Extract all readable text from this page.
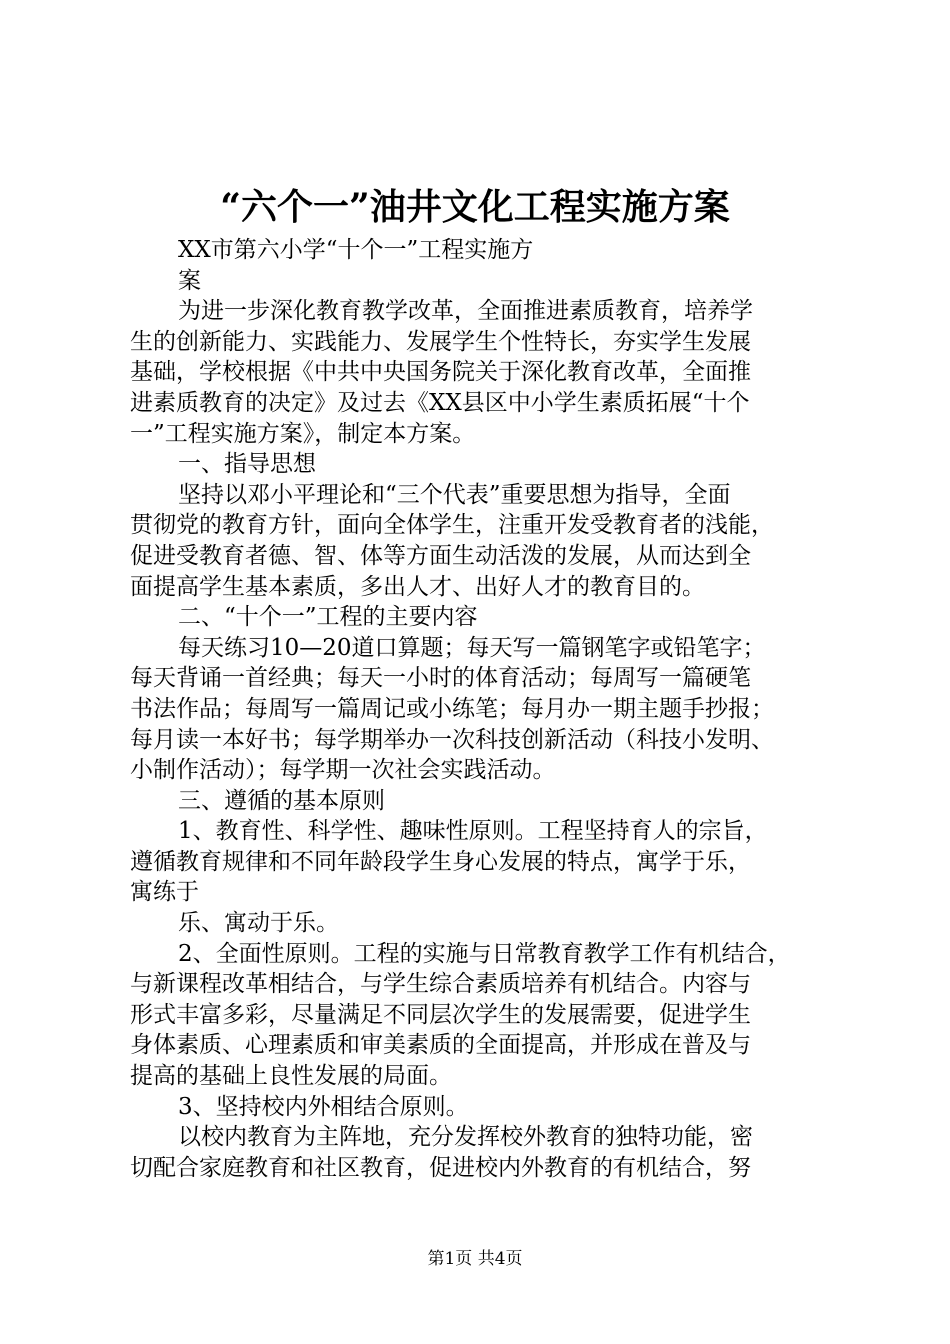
“六个一”油井文化工程实施方案
XX市第六小学“十个一”工程实施方
案
为进一步深化教育教学改革，全面推进素质教育，培养学
生的创新能力、实践能力、发展学生个性特长，夯实学生发展
基础，学校根据《中共中央国务院关于深化教育改革，全面推
进素质教育的决定》及过去《XX县区中小学生素质拓展“十个
一”工程实施方案》，制定本方案。
一、指导思想
坚持以邓小平理论和“三个代表”重要思想为指导，全面
贯彻党的教育方针，面向全体学生，注重开发受教育者的浅能，
促进受教育者德、智、体等方面生动活泼的发展，从而达到全
面提高学生基本素质，多出人才、出好人才的教育目的。
二、“十个一”工程的主要内容
每天练习10—20道口算题；每天写一篇钢笔字或铅笔字；
每天背诵一首经典；每天一小时的体育活动；每周写一篇硬笔
书法作品；每周写一篇周记或小练笔；每月办一期主题手抄报；
每月读一本好书；每学期举办一次科技创新活动（科技小发明、
小制作活动）；每学期一次社会实践活动。
三、遵循的基本原则
1、教育性、科学性、趣味性原则。工程坚持育人的宗旨，
遵循教育规律和不同年龄段学生身心发展的特点，寓学于乐，
寓练于
乐、寓动于乐。
2、全面性原则。工程的实施与日常教育教学工作有机结合，
与新课程改革相结合，与学生综合素质培养有机结合。内容与
形式丰富多彩，尽量满足不同层次学生的发展需要，促进学生
身体素质、心理素质和审美素质的全面提高，并形成在普及与
提高的基础上良性发展的局面。
3、坚持校内外相结合原则。
以校内教育为主阵地，充分发挥校外教育的独特功能，密
切配合家庭教育和社区教育，促进校内外教育的有机结合，努
第1页 共4页
